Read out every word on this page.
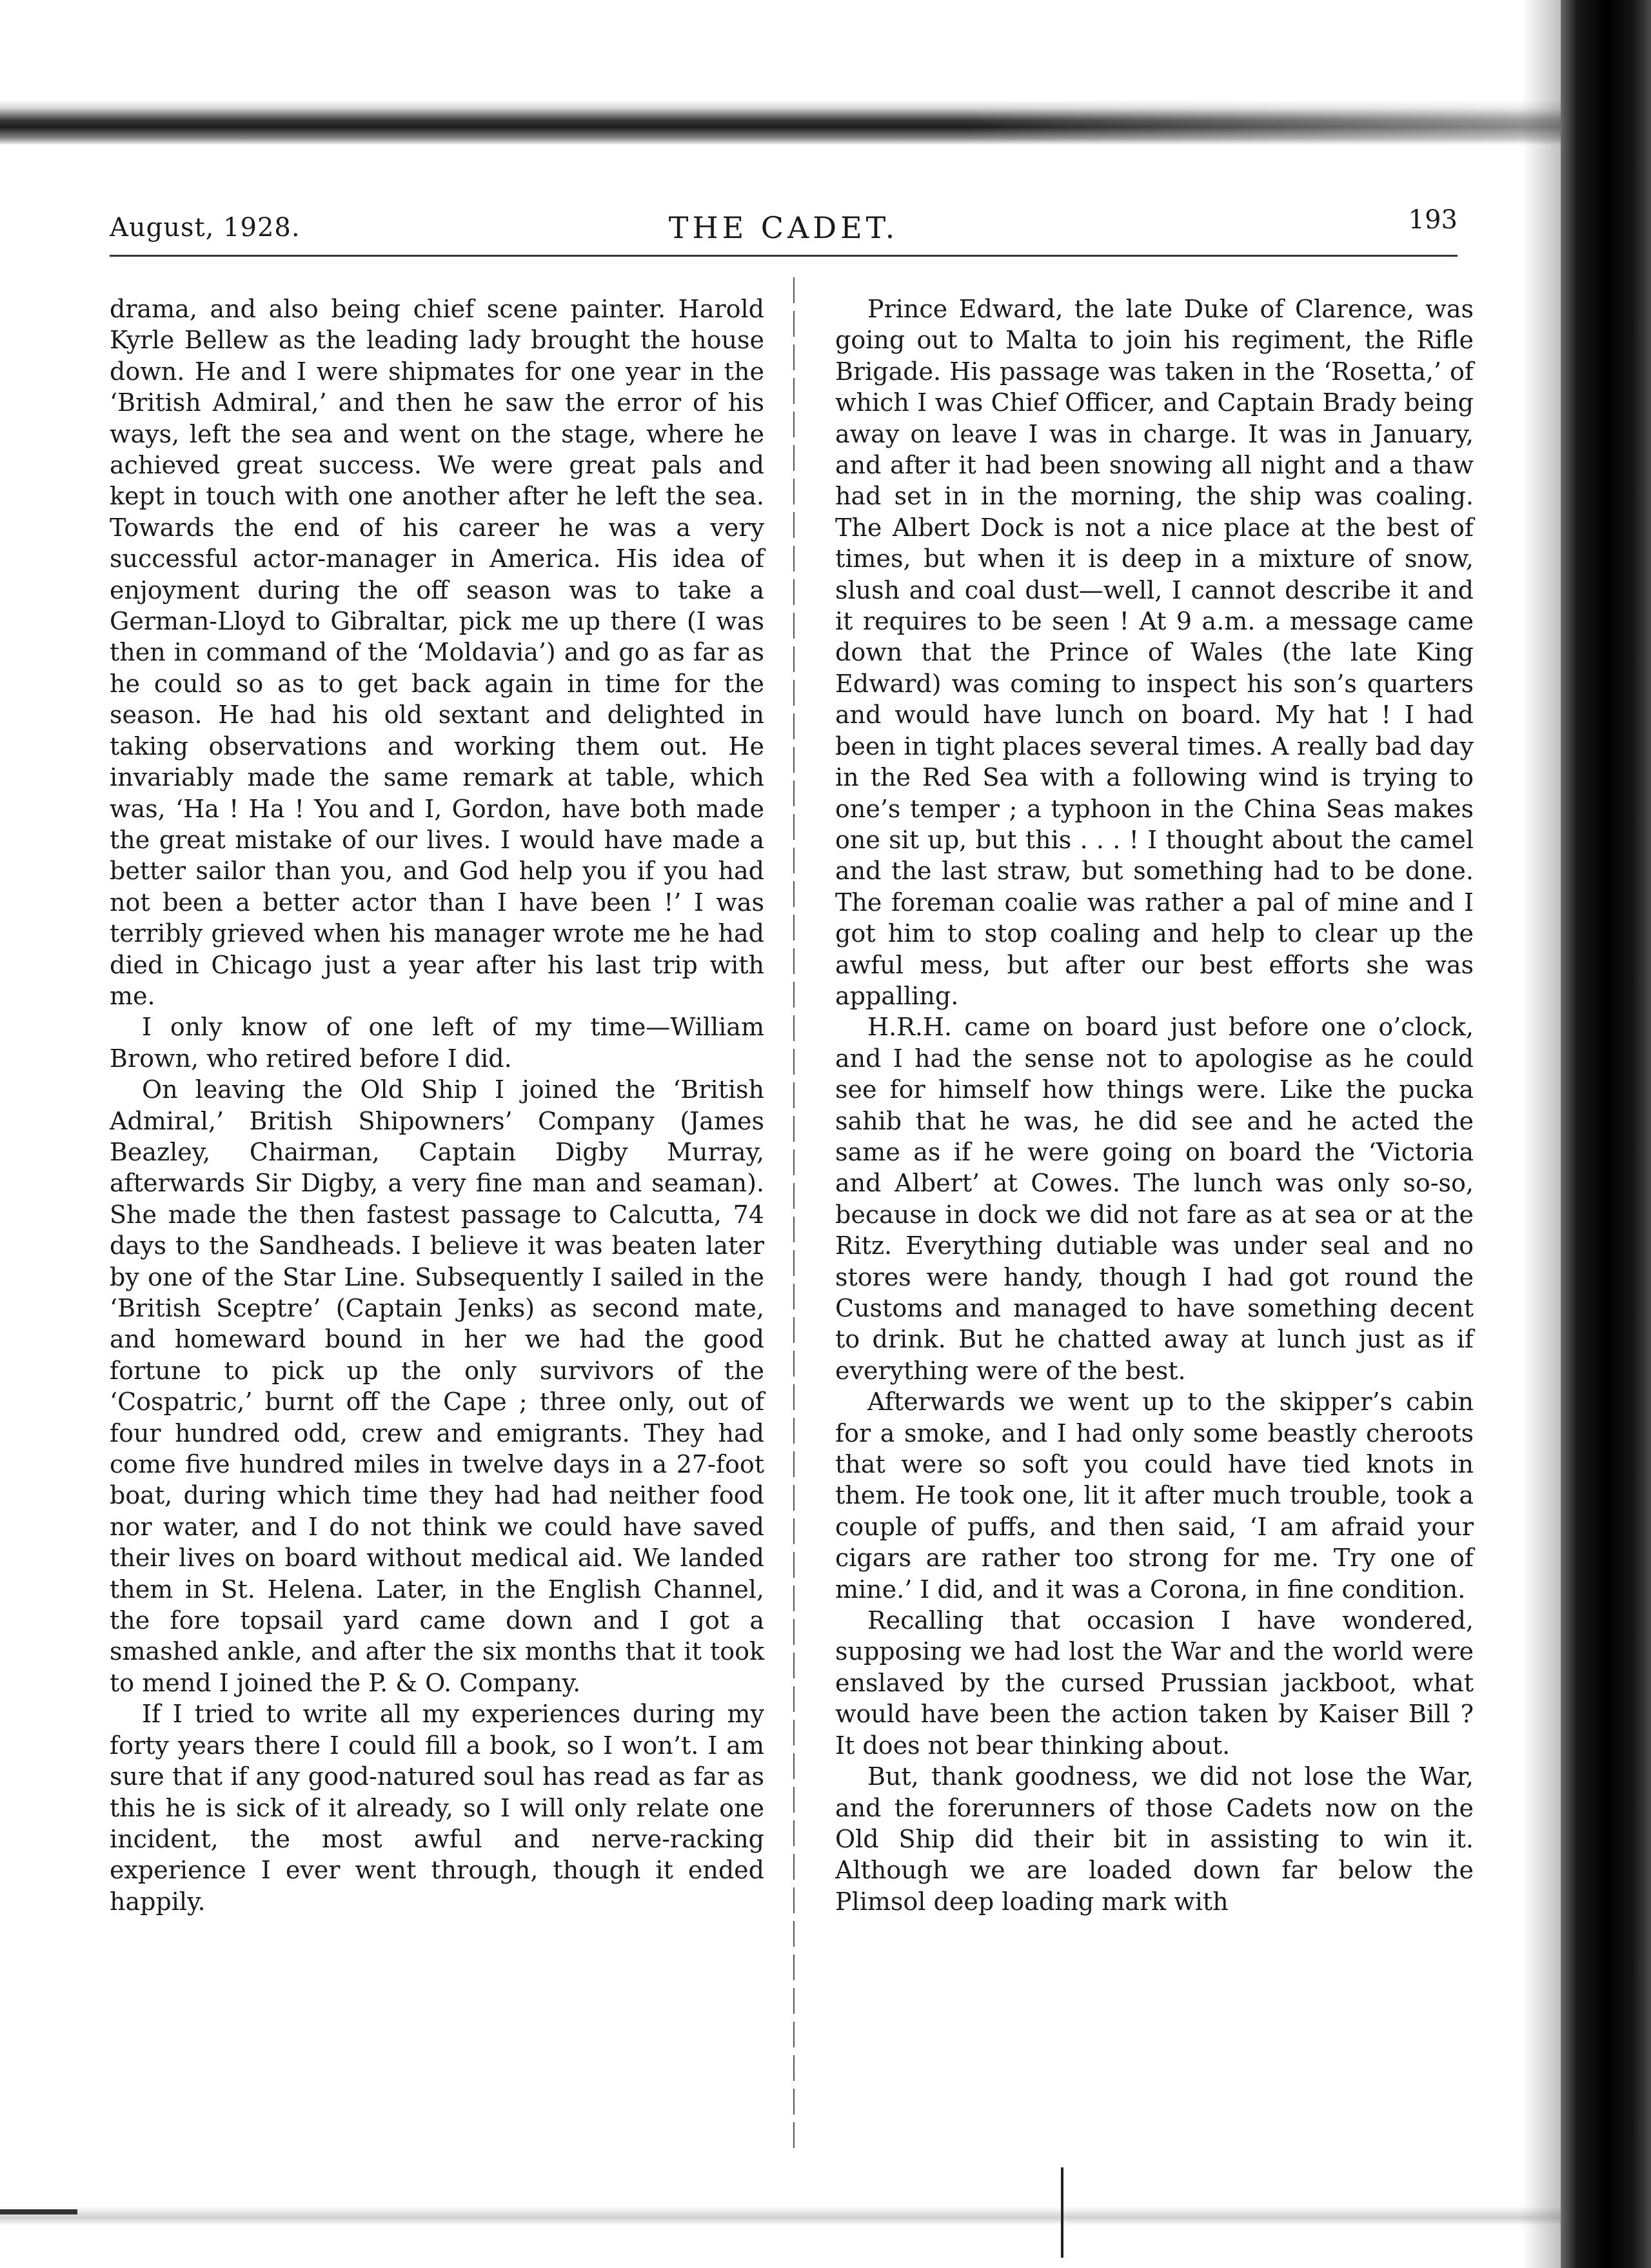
August, 1928.	THE CADET.	193

drama, and also being chief scene painter. Harold Kyrle Bellew as the leading lady brought the house down. He and I were shipmates for one year in the ‘British Admiral,’ and then he saw the error of his ways, left the sea and went on the stage, where he achieved great success. We were great pals and kept in touch with one another after he left the sea. Towards the end of his career he was a very successful actor-manager in America. His idea of enjoyment during the off season was to take a German-Lloyd to Gibraltar, pick me up there (I was then in command of the ‘Moldavia’) and go as far as he could so as to get back again in time for the season. He had his old sextant and delighted in taking observations and working them out. He invariably made the same remark at table, which was, ‘Ha ! Ha ! You and I, Gordon, have both made the great mistake of our lives. I would have made a better sailor than you, and God help you if you had not been a better actor than I have been !’ I was terribly grieved when his manager wrote me he had died in Chicago just a year after his last trip with me.

I only know of one left of my time—William Brown, who retired before I did.

On leaving the Old Ship I joined the ‘British Admiral,’ British Shipowners’ Company (James Beazley, Chairman, Captain Digby Murray, afterwards Sir Digby, a very fine man and seaman). She made the then fastest passage to Calcutta, 74 days to the Sandheads. I believe it was beaten later by one of the Star Line. Subsequently I sailed in the ‘British Sceptre’ (Captain Jenks) as second mate, and homeward bound in her we had the good fortune to pick up the only survivors of the ‘Cospatric,’ burnt off the Cape ; three only, out of four hundred odd, crew and emigrants. They had come five hundred miles in twelve days in a 27-foot boat, during which time they had had neither food nor water, and I do not think we could have saved their lives on board without medical aid. We landed them in St. Helena. Later, in the English Channel, the fore topsail yard came down and I got a smashed ankle, and after the six months that it took to mend I joined the P. & O. Company.

If I tried to write all my experiences during my forty years there I could fill a book, so I won’t. I am sure that if any good-natured soul has read as far as this he is sick of it already, so I will only relate one incident, the most awful and nerve-racking experience I ever went through, though it ended happily.

Prince Edward, the late Duke of Clarence, was going out to Malta to join his regiment, the Rifle Brigade. His passage was taken in the ‘Rosetta,’ of which I was Chief Officer, and Captain Brady being away on leave I was in charge. It was in January, and after it had been snowing all night and a thaw had set in in the morning, the ship was coaling. The Albert Dock is not a nice place at the best of times, but when it is deep in a mixture of snow, slush and coal dust—well, I cannot describe it and it requires to be seen ! At 9 a.m. a message came down that the Prince of Wales (the late King Edward) was coming to inspect his son’s quarters and would have lunch on board. My hat ! I had been in tight places several times. A really bad day in the Red Sea with a following wind is trying to one’s temper ; a typhoon in the China Seas makes one sit up, but this . . . ! I thought about the camel and the last straw, but something had to be done. The foreman coalie was rather a pal of mine and I got him to stop coaling and help to clear up the awful mess, but after our best efforts she was appalling.

H.R.H. came on board just before one o’clock, and I had the sense not to apologise as he could see for himself how things were. Like the pucka sahib that he was, he did see and he acted the same as if he were going on board the ‘Victoria and Albert’ at Cowes. The lunch was only so-so, because in dock we did not fare as at sea or at the Ritz. Everything dutiable was under seal and no stores were handy, though I had got round the Customs and managed to have something decent to drink. But he chatted away at lunch just as if everything were of the best.

Afterwards we went up to the skipper’s cabin for a smoke, and I had only some beastly cheroots that were so soft you could have tied knots in them. He took one, lit it after much trouble, took a couple of puffs, and then said, ‘I am afraid your cigars are rather too strong for me. Try one of mine.’ I did, and it was a Corona, in fine condition.

Recalling that occasion I have wondered, supposing we had lost the War and the world were enslaved by the cursed Prussian jackboot, what would have been the action taken by Kaiser Bill ? It does not bear thinking about.

But, thank goodness, we did not lose the War, and the forerunners of those Cadets now on the Old Ship did their bit in assisting to win it. Although we are loaded down far below the Plimsol deep loading mark with
